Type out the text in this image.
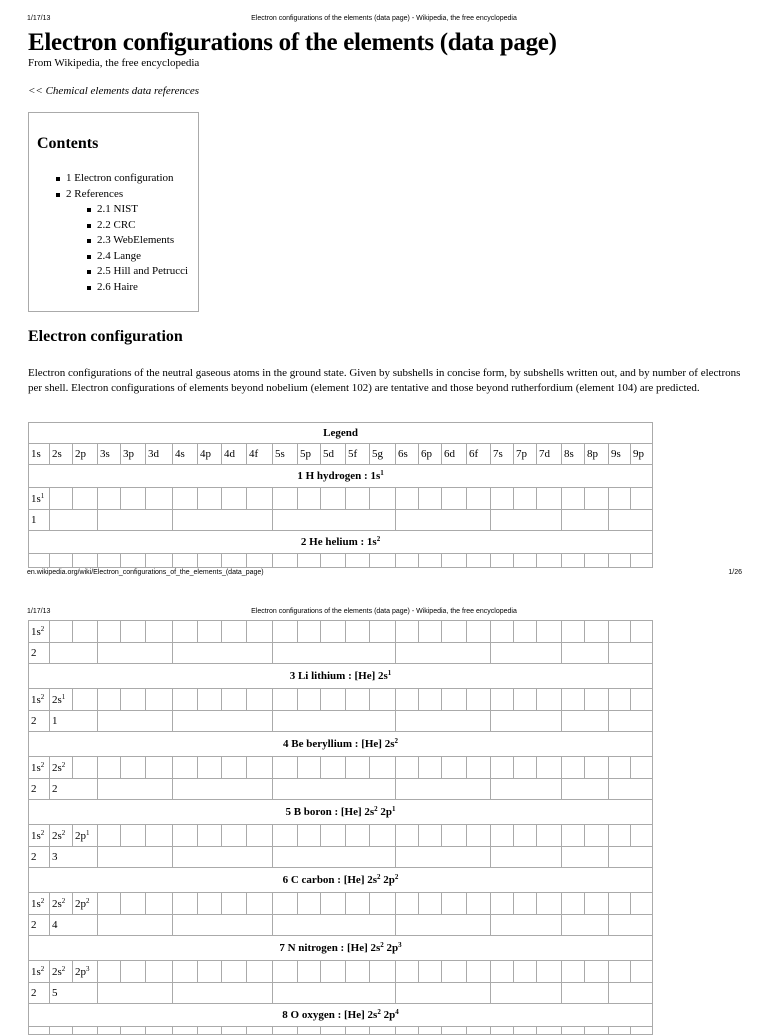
1/17/13	Electron configurations of the elements (data page) - Wikipedia, the free encyclopedia
Electron configurations of the elements (data page)
From Wikipedia, the free encyclopedia
<< Chemical elements data references
Contents
1 Electron configuration
2 References
2.1 NIST
2.2 CRC
2.3 WebElements
2.4 Lange
2.5 Hill and Petrucci
2.6 Haire
Electron configuration
Electron configurations of the neutral gaseous atoms in the ground state. Given by subshells in concise form, by subshells written out, and by number of electrons per shell. Electron configurations of elements beyond nobelium (element 102) are tentative and those beyond rutherfordium (element 104) are predicted.
Legend																									
1s	2s	2p	3s	3p	3d	4s	4p	4d	4f	5s	5p	5d	5f	5g	6s	6p	6d	6f	7s	7p	7d	8s	8p	9s	9p
1 H hydrogen : $1s^1$
$1s^1$																									
1																									
2 He helium : $1s^2$

en.wikipedia.org/wiki/Electron_configurations_of_the_elements_(data_page)	1/26
1/17/13	Electron configurations of the elements (data page) - Wikipedia, the free encyclopedia
$1s^2$																									
2																									
3 Li lithium : [He] $2s^1$
$1s^2$	$2s^1$																								
2	1																								
4 Be beryllium : [He] $2s^2$
$1s^2$	$2s^2$																								
2	2																								
5 B boron : [He] $2s^2$ $2p^1$
$1s^2$	$2s^2$	$2p^1$																							
2	3																								
6 C carbon : [He] $2s^2$ $2p^2$
$1s^2$	$2s^2$	$2p^2$																							
2	4																								
7 N nitrogen : [He] $2s^2$ $2p^3$
$1s^2$	$2s^2$	$2p^3$																							
2	5																								
8 O oxygen : [He] $2s^2$ $2p^4$
